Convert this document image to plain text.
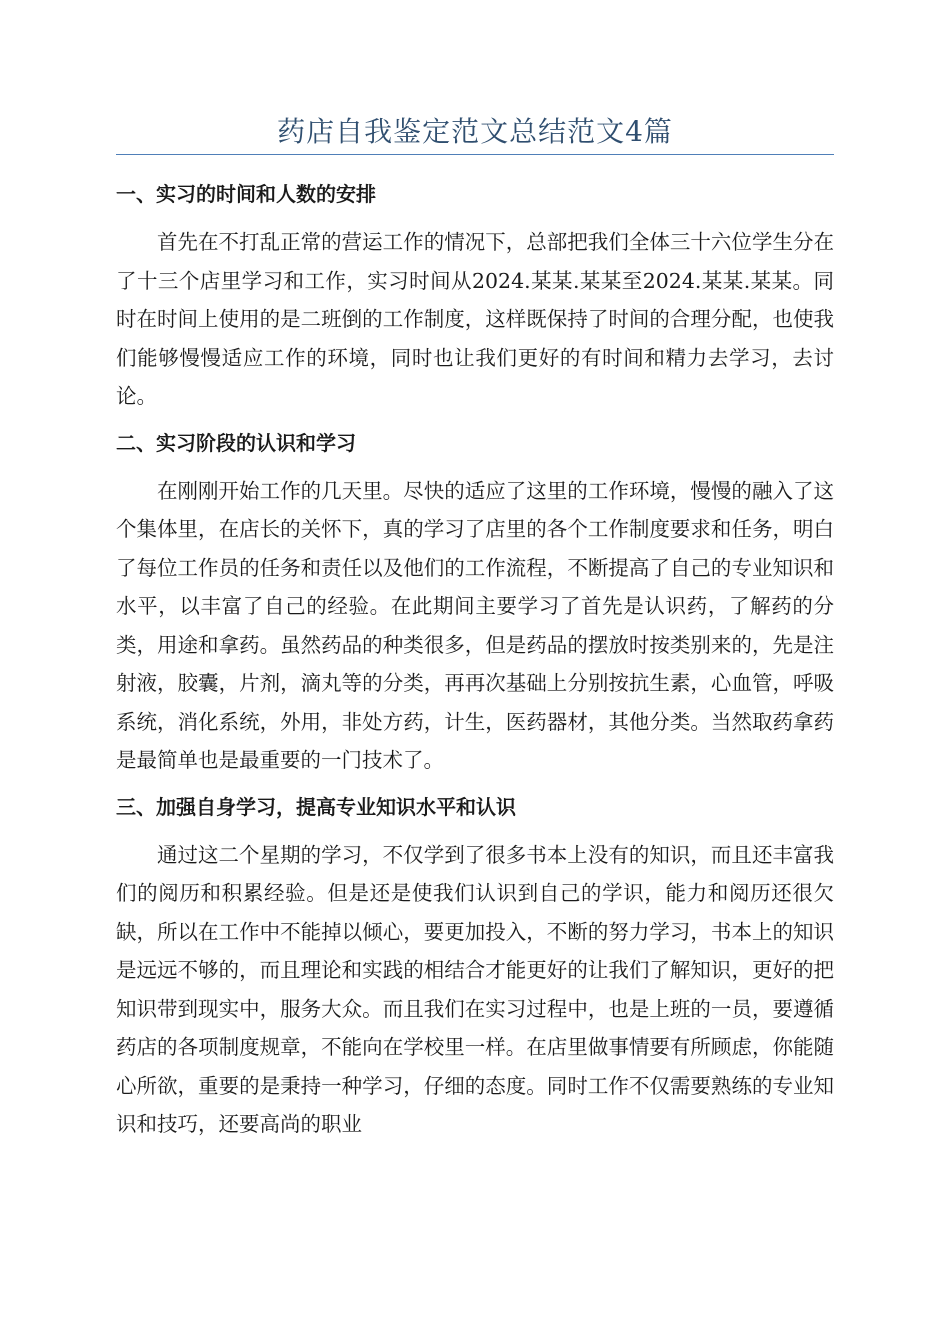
药店自我鉴定范文总结范文4篇
一、实习的时间和人数的安排

首先在不打乱正常的营运工作的情况下，总部把我们全体三十六位学生分在了十三个店里学习和工作，实习时间从2024.某某.某某至2024.某某.某某。同时在时间上使用的是二班倒的工作制度，这样既保持了时间的合理分配，也使我们能够慢慢适应工作的环境，同时也让我们更好的有时间和精力去学习，去讨论。

二、实习阶段的认识和学习

在刚刚开始工作的几天里。尽快的适应了这里的工作环境，慢慢的融入了这个集体里，在店长的关怀下，真的学习了店里的各个工作制度要求和任务，明白了每位工作员的任务和责任以及他们的工作流程，不断提高了自己的专业知识和水平，以丰富了自己的经验。在此期间主要学习了首先是认识药，了解药的分类，用途和拿药。虽然药品的种类很多，但是药品的摆放时按类别来的，先是注射液，胶囊，片剂，滴丸等的分类，再再次基础上分别按抗生素，心血管，呼吸系统，消化系统，外用，非处方药，计生，医药器材，其他分类。当然取药拿药是最简单也是最重要的一门技术了。

三、加强自身学习，提高专业知识水平和认识

通过这二个星期的学习，不仅学到了很多书本上没有的知识，而且还丰富我们的阅历和积累经验。但是还是使我们认识到自己的学识，能力和阅历还很欠缺，所以在工作中不能掉以倾心，要更加投入，不断的努力学习，书本上的知识是远远不够的，而且理论和实践的相结合才能更好的让我们了解知识，更好的把知识带到现实中，服务大众。而且我们在实习过程中，也是上班的一员，要遵循药店的各项制度规章，不能向在学校里一样。在店里做事情要有所顾虑，你能随心所欲，重要的是秉持一种学习，仔细的态度。同时工作不仅需要熟练的专业知识和技巧，还要高尚的职业
